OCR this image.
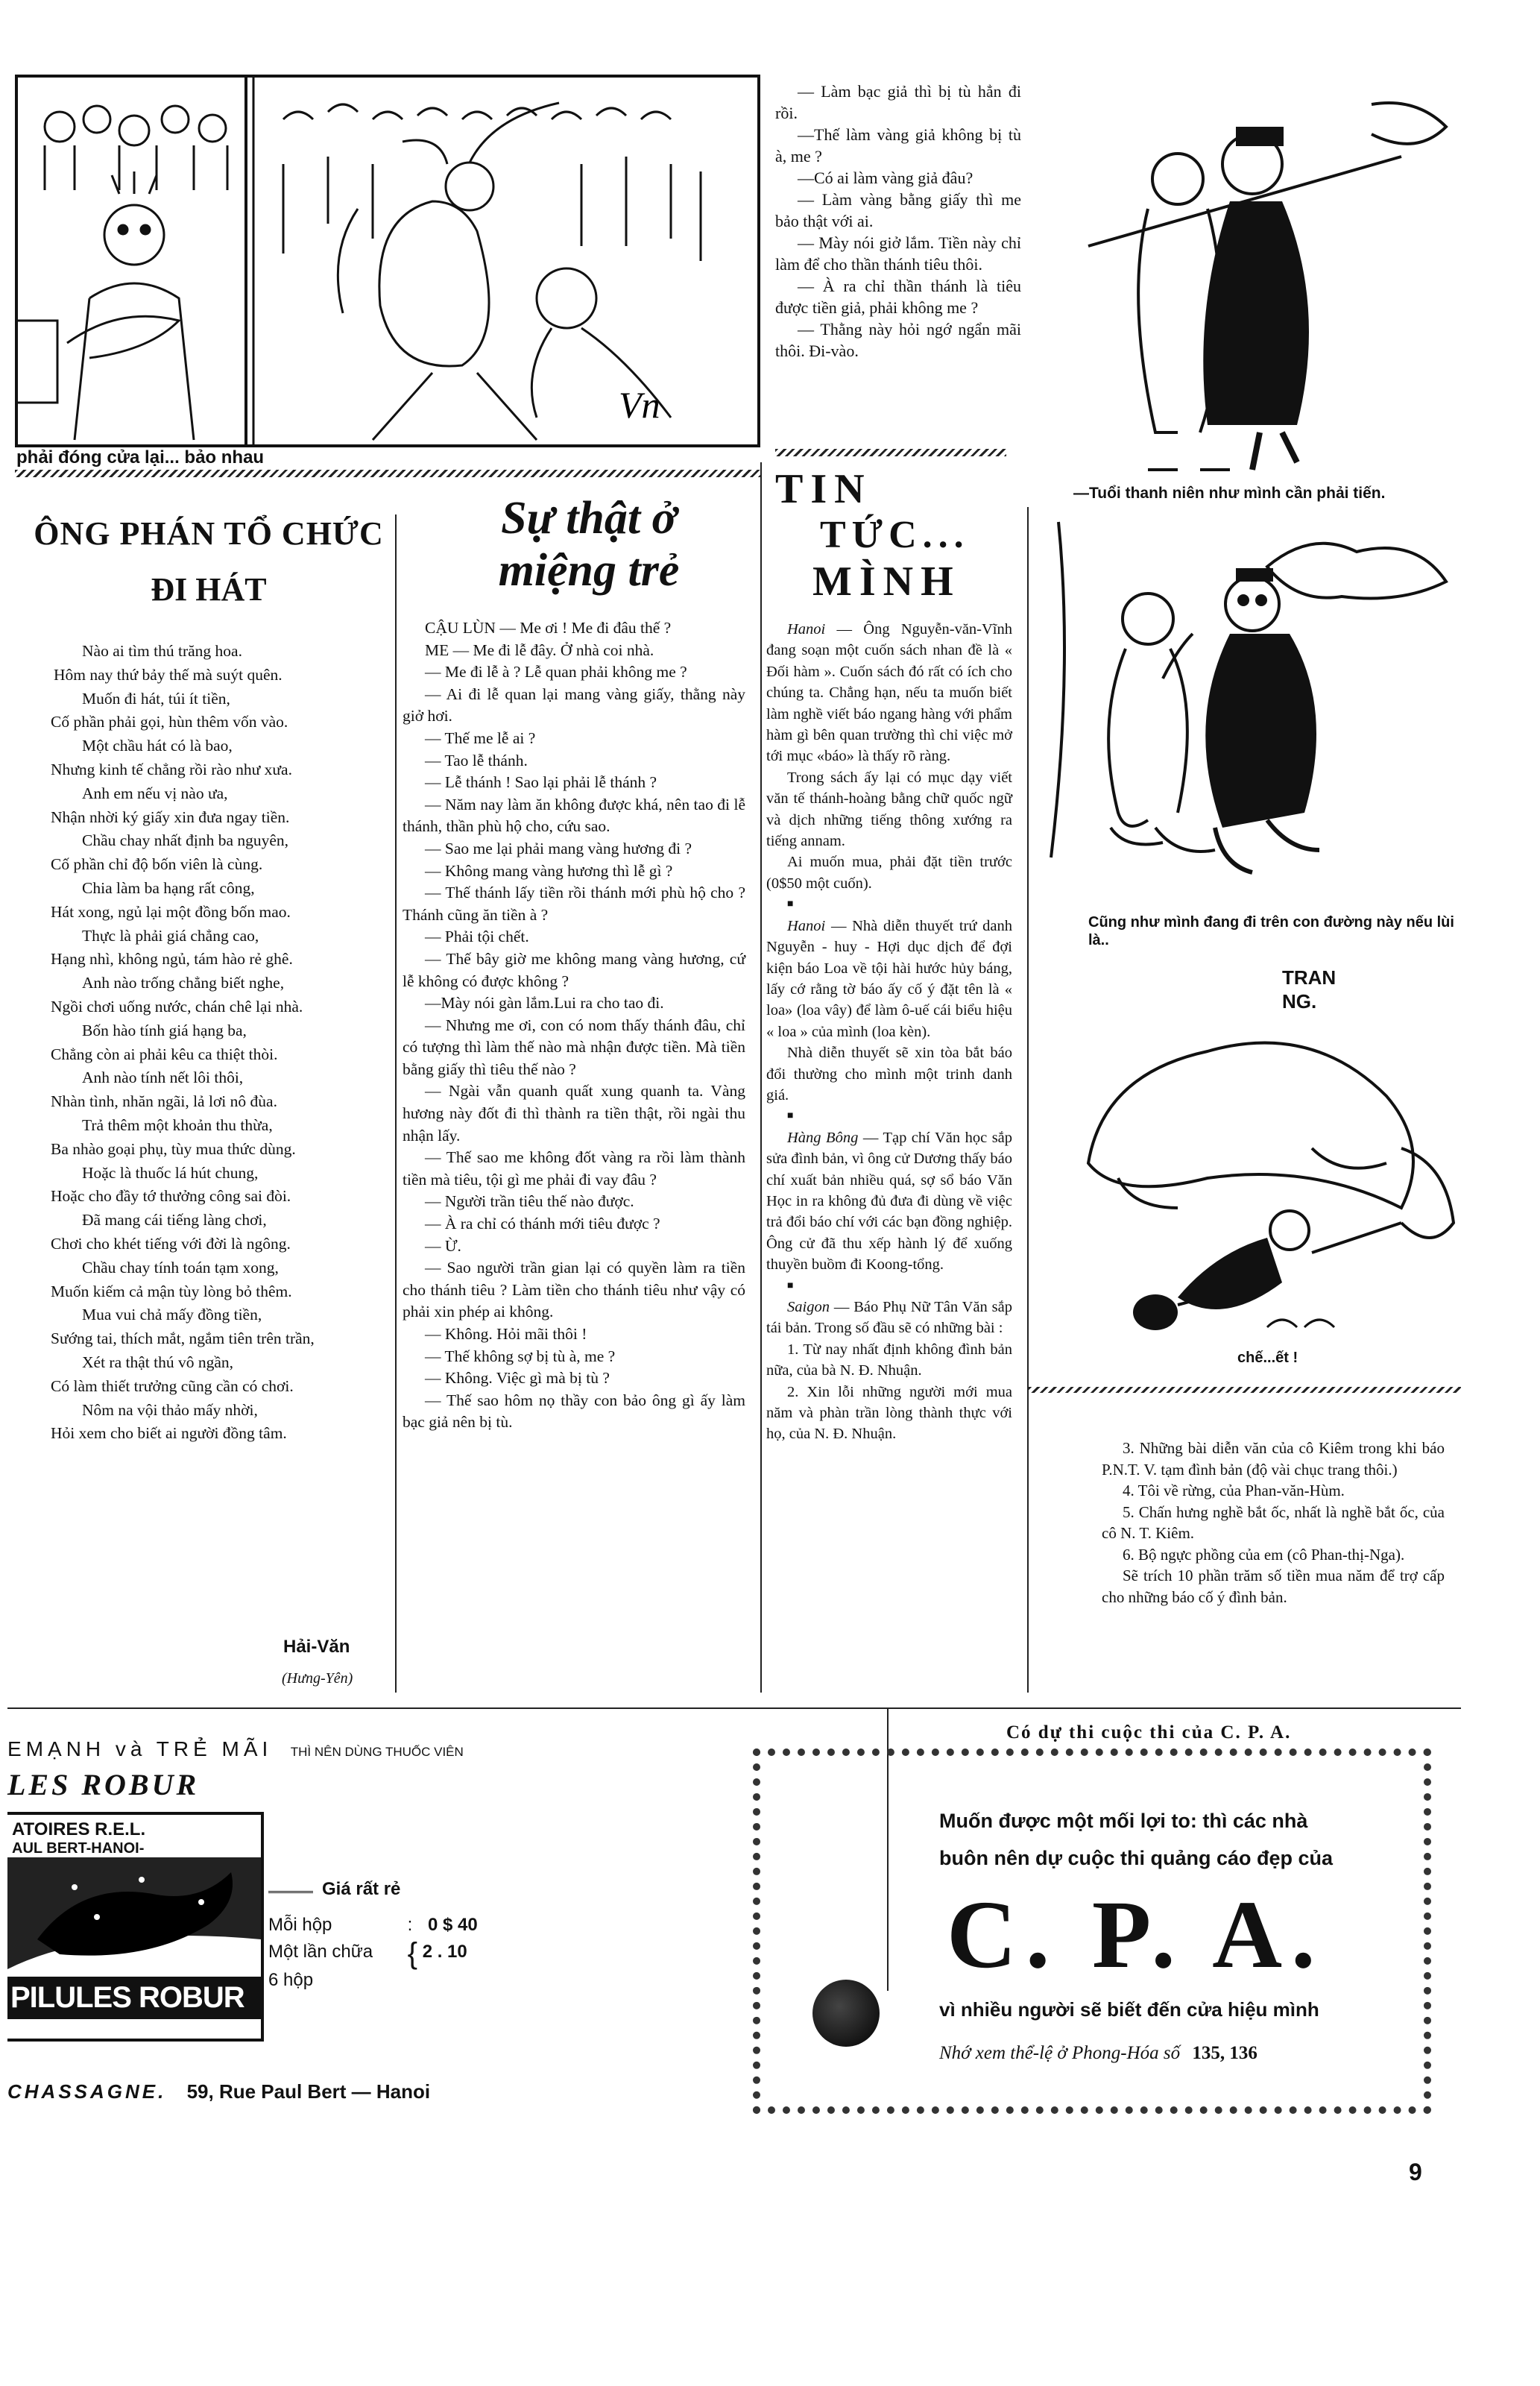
Vn
phải đóng cửa lại... bảo nhau
— Làm bạc giả thì bị tù hẳn đi rồi.
—Thế làm vàng giả không bị tù à, me ?
—Có ai làm vàng giả đâu?
— Làm vàng bằng giấy thì me bảo thật với ai.
— Mày nói giở lắm. Tiền này chỉ làm để cho thần thánh tiêu thôi.
— À ra chỉ thần thánh là tiêu được tiền giả, phải không me ?
— Thằng này hỏi ngớ ngẩn mãi thôi. Đi-vào.
—Tuổi thanh niên như mình cần phải tiến.
ÔNG PHÁN TỔ CHỨC
ĐI HÁT
Nào ai tìm thú trăng hoa.
Hôm nay thứ bảy thế mà suýt quên.
Muốn đi hát, túi ít tiền,
Cố phần phải gọi, hùn thêm vốn vào.
Một chầu hát có là bao,
Nhưng kinh tế chẳng rồi rào như xưa.
Anh em nếu vị nào ưa,
Nhận nhời ký giấy xin đưa ngay tiền.
Chầu chay nhất định ba nguyên,
Cố phần chỉ độ bốn viên là cùng.
Chia làm ba hạng rất công,
Hát xong, ngủ lại một đồng bốn mao.
Thực là phải giá chẳng cao,
Hạng nhì, không ngủ, tám hào rẻ ghê.
Anh nào trống chẳng biết nghe,
Ngồi chơi uống nước, chán chê lại nhà.
Bốn hào tính giá hạng ba,
Chẳng còn ai phải kêu ca thiệt thòi.
Anh nào tính nết lôi thôi,
Nhàn tình, nhăn ngãi, lả lơi nô đùa.
Trả thêm một khoản thu thừa,
Ba nhào goại phụ, tùy mua thức dùng.
Hoặc là thuốc lá hút chung,
Hoặc cho đầy tớ thưởng công sai đòi.
Đã mang cái tiếng làng chơi,
Chơi cho khét tiếng với đời là ngông.
Chầu chay tính toán tạm xong,
Muốn kiếm cả mận tùy lòng bỏ thêm.
Mua vui chả mấy đồng tiền,
Sướng tai, thích mắt, ngắm tiên trên trần,
Xét ra thật thú vô ngần,
Có làm thiết trưởng cũng cần có chơi.
Nôm na vội thảo mấy nhời,
Hỏi xem cho biết ai người đồng tâm.
Hải-Văn
(Hưng-Yên)
Sự thật ở
miệng trẻ
CẬU LÙN — Me ơi ! Me đi đâu thế ?
ME — Me đi lễ đây. Ở nhà coi nhà.
— Me đi lễ à ? Lễ quan phải không me ?
— Ai đi lễ quan lại mang vàng giấy, thằng này giở hơi.
— Thế me lễ ai ?
— Tao lễ thánh.
— Lễ thánh ! Sao lại phải lễ thánh ?
— Năm nay làm ăn không được khá, nên tao đi lễ thánh, thần phù hộ cho, cứu sao.
— Sao me lại phải mang vàng hương đi ?
— Không mang vàng hương thì lễ gì ?
— Thế thánh lấy tiền rồi thánh mới phù hộ cho ? Thánh cũng ăn tiền à ?
— Phải tội chết.
— Thế bây giờ me không mang vàng hương, cứ lễ không có được không ?
—Mày nói gàn lắm.Lui ra cho tao đi.
— Nhưng me ơi, con có nom thấy thánh đâu, chỉ có tượng thì làm thế nào mà nhận được tiền. Mà tiền bằng giấy thì tiêu thế nào ?
— Ngài vẫn quanh quất xung quanh ta. Vàng hương này đốt đi thì thành ra tiền thật, rồi ngài thu nhận lấy.
— Thế sao me không đốt vàng ra rồi làm thành tiền mà tiêu, tội gì me phải đi vay đâu ?
— Người trần tiêu thế nào được.
— À ra chỉ có thánh mới tiêu được ?
— Ừ.
— Sao người trần gian lại có quyền làm ra tiền cho thánh tiêu ? Làm tiền cho thánh tiêu như vậy có phải xin phép ai không.
— Không. Hỏi mãi thôi !
— Thế không sợ bị tù à, me ?
— Không. Việc gì mà bị tù ?
— Thế sao hôm nọ thầy con bảo ông gì ấy làm bạc giả nên bị tù.
TIN
TỨC...
MÌNH
Hanoi — Ông Nguyễn-văn-Vĩnh đang soạn một cuốn sách nhan đề là « Đối hàm ». Cuốn sách đó rất có ích cho chúng ta. Chẳng hạn, nếu ta muốn biết làm nghề viết báo ngang hàng với phẩm hàm gì bên quan trường thì chỉ việc mở tới mục «báo» là thấy rõ ràng.
Trong sách ấy lại có mục dạy viết văn tế thánh-hoàng bằng chữ quốc ngữ và dịch những tiếng thông xướng ra tiếng annam.
Ai muốn mua, phải đặt tiền trước (0$50 một cuốn).
■
Hanoi — Nhà diễn thuyết trứ danh Nguyễn - huy - Hợi dục dịch để đợi kiện báo Loa về tội hài hước hủy báng, lấy cớ rằng tờ báo ấy cố ý đặt tên là « loa» (loa vây) để làm ô-uế cái biểu hiệu « loa » của mình (loa kèn).
Nhà diễn thuyết sẽ xin tòa bắt báo đổi thường cho mình một trinh danh giá.
■
Hàng Bông — Tạp chí Văn học sắp sửa đình bản, vì ông cử Dương thấy báo chí xuất bản nhiều quá, sợ sổ báo Văn Học in ra không đủ đưa đi dùng về việc trả đổi báo chí với các bạn đồng nghiệp. Ông cử đã thu xếp hành lý để xuống thuyền buồm đi Koong-tổng.
■
Saigon — Báo Phụ Nữ Tân Văn sắp tái bản. Trong số đầu sẽ có những bài :
1. Từ nay nhất định không đình bản nữa, của bà N. Đ. Nhuận.
2. Xin lỗi những người mới mua năm và phàn trần lòng thành thực với họ, của N. Đ. Nhuận.
Cũng như mình đang đi trên con đường này nếu lùi là..
TRAN NG.
chế...ết !
3. Những bài diễn văn của cô Kiêm trong khi báo P.N.T. V. tạm đình bản (độ vài chục trang thôi.)
4. Tôi về rừng, của Phan-văn-Hùm.
5. Chấn hưng nghề bắt ốc, nhất là nghề bắt ốc, của cô N. T. Kiêm.
6. Bộ ngực phồng của em (cô Phan-thị-Nga).
Sẽ trích 10 phần trăm số tiền mua năm để trợ cấp cho những báo cố ý đình bản.
EMẠNH và TRẺ MÃI THÌ NÊN DÙNG THUỐC VIÊN
LES ROBUR
ATOIRES R.E.L.
AUL BERT-HANOI-
PILULES ROBUR
Giá rất rẻ
Mỗi hộp	: 0 $ 40
Một lần chữa { 2 . 10
6 hộp
CHASSAGNE. 59, Rue Paul Bert — Hanoi
Có dự thi cuộc thi của C. P. A.
Muốn được một mối lợi to: thì các nhà
buôn nên dự cuộc thi quảng cáo đẹp của
C. P. A.
vì nhiều người sẽ biết đến cửa hiệu mình
Nhớ xem thể-lệ ở Phong-Hóa số 135, 136
9
